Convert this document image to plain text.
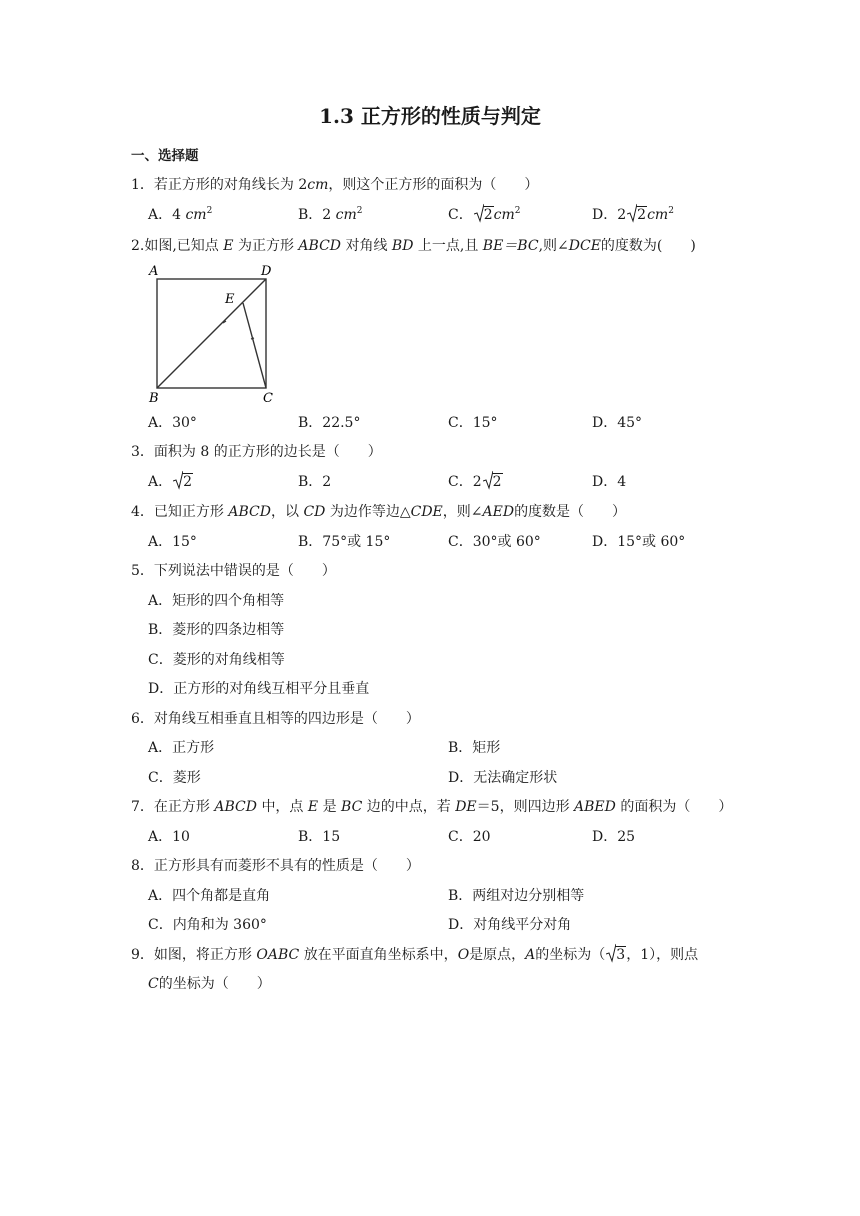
1.3 正方形的性质与判定
一、选择题
1．若正方形的对角线长为 2cm，则这个正方形的面积为（　　）
A．4 $cm^2$	B．2 $cm^2$	C． $2cm^2$	D．2 $2cm^2$
2.如图,已知点 E 为正方形 ABCD 对角线 BD 上一点,且 BE＝BC,则∠DCE的度数为(　　)
A	D
E
B	C
A．30°	B．22.5°	C．15°	D．45°
3．面积为 8 的正方形的边长是（　　）
A． 2	B．2	C．2 2	D．4
4．已知正方形 ABCD，以 CD 为边作等边△CDE，则∠AED的度数是（　　）
A．15°	B．75°或 15°	C．30°或 60°	D．15°或 60°
5．下列说法中错误的是（　　）
A．矩形的四个角相等
B．菱形的四条边相等
C．菱形的对角线相等
D．正方形的对角线互相平分且垂直
6．对角线互相垂直且相等的四边形是（　　）
A．正方形	B．矩形
C．菱形	D．无法确定形状
7．在正方形 ABCD 中，点 E 是 BC 边的中点，若 DE＝5，则四边形 ABED 的面积为（　　）
A．10	B．15	C．20	D．25
8．正方形具有而菱形不具有的性质是（　　）
A．四个角都是直角	B．两组对边分别相等
C．内角和为 360°	D．对角线平分对角
9．如图，将正方形 OABC 放在平面直角坐标系中，O是原点，A的坐标为（ 3，1），则点
C的坐标为（　　）
